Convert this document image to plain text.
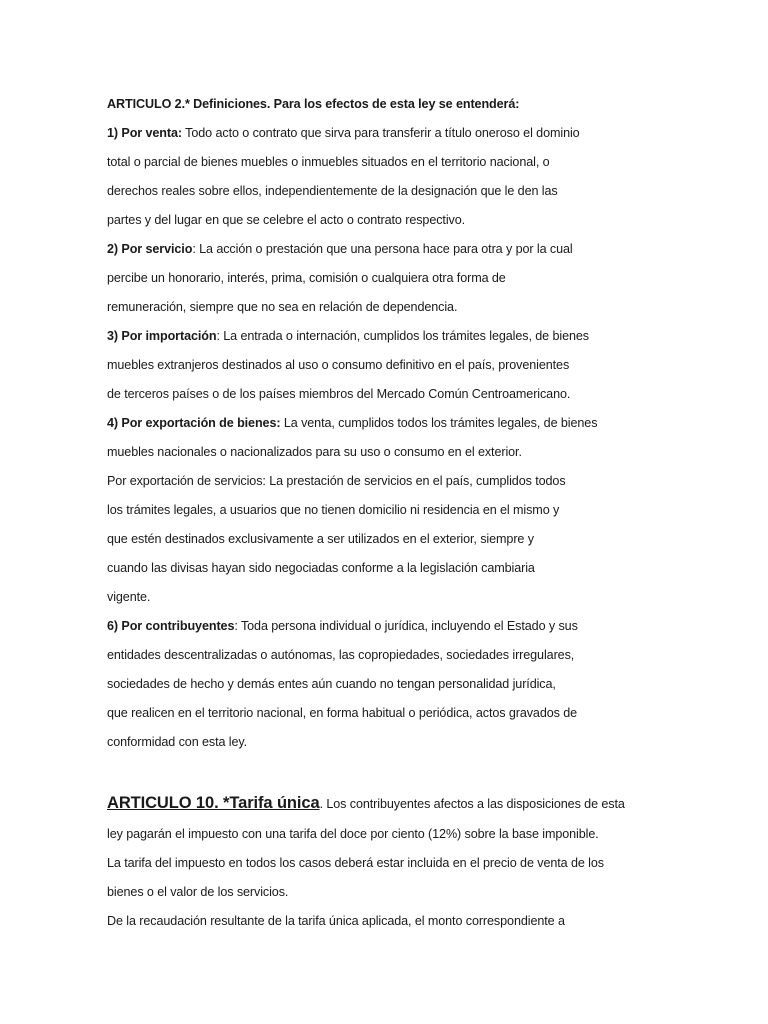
ARTICULO 2.* Definiciones. Para los efectos de esta ley se entenderá:
1) Por venta: Todo acto o contrato que sirva para transferir a título oneroso el dominio
total o parcial de bienes muebles o inmuebles situados en el territorio nacional, o
derechos reales sobre ellos, independientemente de la designación que le den las
partes y del lugar en que se celebre el acto o contrato respectivo.
2) Por servicio: La acción o prestación que una persona hace para otra y por la cual
percibe un honorario, interés, prima, comisión o cualquiera otra forma de
remuneración, siempre que no sea en relación de dependencia.
3) Por importación: La entrada o internación, cumplidos los trámites legales, de bienes
muebles extranjeros destinados al uso o consumo definitivo en el país, provenientes
de terceros países o de los países miembros del Mercado Común Centroamericano.
4) Por exportación de bienes: La venta, cumplidos todos los trámites legales, de bienes
muebles nacionales o nacionalizados para su uso o consumo en el exterior.
Por exportación de servicios: La prestación de servicios en el país, cumplidos todos
los trámites legales, a usuarios que no tienen domicilio ni residencia en el mismo y
que estén destinados exclusivamente a ser utilizados en el exterior, siempre y
cuando las divisas hayan sido negociadas conforme a la legislación cambiaria
vigente.
6) Por contribuyentes: Toda persona individual o jurídica, incluyendo el Estado y sus
entidades descentralizadas o autónomas, las copropiedades, sociedades irregulares,
sociedades de hecho y demás entes aún cuando no tengan personalidad jurídica,
que realicen en el territorio nacional, en forma habitual o periódica, actos gravados de
conformidad con esta ley.
ARTICULO 10. *Tarifa única. Los contribuyentes afectos a las disposiciones de esta
ley pagarán el impuesto con una tarifa del doce por ciento (12%) sobre la base imponible.
La tarifa del impuesto en todos los casos deberá estar incluida en el precio de venta de los
bienes o el valor de los servicios.
De la recaudación resultante de la tarifa única aplicada, el monto correspondiente a
